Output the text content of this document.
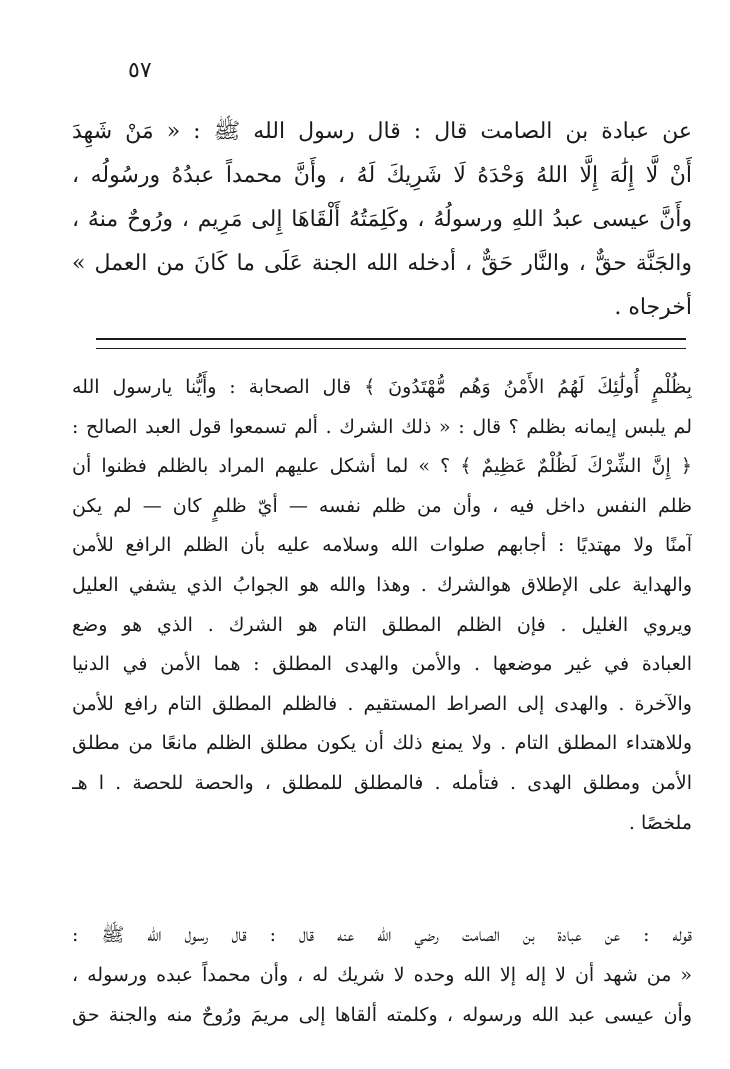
٥٧
عن عبادة بن الصامت قال : قال رسول الله ﷺ : « مَنْ شَهِدَ
أَنْ لَّا إِلَٰهَ إِلَّا اللهُ وَحْدَهُ لَا شَرِيكَ لَهُ ، وأَنَّ محمداً عبدُهُ ورسُولُه ،
وأَنَّ عيسى عبدُ اللهِ ورسولُهُ ، وكَلِمَتُهُ أَلْقَاهَا إِلى مَرِيم ، ورُوحٌ منهُ ،
والجَنَّة حقٌّ ، والنَّار حَقٌّ ، أدخله الله الجنة عَلَى ما كَانَ من العمل »
أخرجاه .
بِظُلْمٍ أُولَٰئِكَ لَهُمُ الأَمْنُ وَهُم مُّهْتَدُونَ ﴾ قال الصحابة : وأَيُّنا يارسول الله
لم يلبس إيمانه بظلم ؟ قال : « ذلك الشرك . ألم تسمعوا قول العبد الصالح :
﴿ إِنَّ الشِّرْكَ لَظُلْمٌ عَظِيمٌ ﴾ ؟ » لما أشكل عليهم المراد بالظلم فظنوا أن
ظلم النفس داخل فيه ، وأن من ظلم نفسه — أيّ ظلمٍ كان — لم يكن
آمنًا ولا مهتديًا : أجابهم صلوات الله وسلامه عليه بأن الظلم الرافع للأمن
والهداية على الإطلاق هوالشرك . وهذا والله هو الجوابُ الذي يشفي العليل
ويروي الغليل . فإن الظلم المطلق التام هو الشرك . الذي هو وضع
العبادة في غير موضعها . والأمن والهدى المطلق : هما الأمن في الدنيا
والآخرة . والهدى إلى الصراط المستقيم . فالظلم المطلق التام رافع للأمن
وللاهتداء المطلق التام . ولا يمنع ذلك أن يكون مطلق الظلم مانعًا من مطلق
الأمن ومطلق الهدى . فتأمله . فالمطلق للمطلق ، والحصة للحصة . ا هـ
ملخصًا .
قوله : عن عبادة بن الصامت رضي الله عنه قال : قال رسول الله ﷺ :
« من شهد أن لا إله إلا الله وحده لا شريك له ، وأن محمداً عبده ورسوله ،
وأن عيسى عبد الله ورسوله ، وكلمته ألقاها إلى مريمَ ورُوحٌ منه والجنة حق
